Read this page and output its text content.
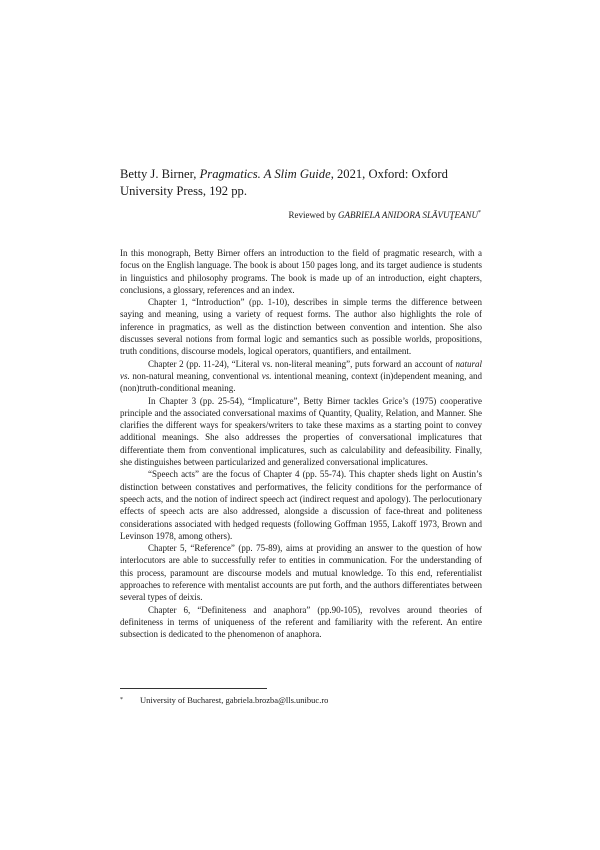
Betty J. Birner, Pragmatics. A Slim Guide, 2021, Oxford: Oxford University Press, 192 pp.
Reviewed by GABRIELA ANIDORA SLĂVUŢEANU*

In this monograph, Betty Birner offers an introduction to the field of pragmatic research, with a focus on the English language. The book is about 150 pages long, and its target audience is students in linguistics and philosophy programs. The book is made up of an introduction, eight chapters, conclusions, a glossary, references and an index.

Chapter 1, “Introduction” (pp. 1-10), describes in simple terms the difference between saying and meaning, using a variety of request forms. The author also highlights the role of inference in pragmatics, as well as the distinction between convention and intention. She also discusses several notions from formal logic and semantics such as possible worlds, propositions, truth conditions, discourse models, logical operators, quantifiers, and entailment.

Chapter 2 (pp. 11-24), “Literal vs. non-literal meaning”, puts forward an account of natural vs. non-natural meaning, conventional vs. intentional meaning, context (in)dependent meaning, and (non)truth-conditional meaning.

In Chapter 3 (pp. 25-54), “Implicature”, Betty Birner tackles Grice’s (1975) cooperative principle and the associated conversational maxims of Quantity, Quality, Relation, and Manner. She clarifies the different ways for speakers/writers to take these maxims as a starting point to convey additional meanings. She also addresses the properties of conversational implicatures that differentiate them from conventional implicatures, such as calculability and defeasibility. Finally, she distinguishes between particularized and generalized conversational implicatures.

“Speech acts” are the focus of Chapter 4 (pp. 55-74). This chapter sheds light on Austin’s distinction between constatives and performatives, the felicity conditions for the performance of speech acts, and the notion of indirect speech act (indirect request and apology). The perlocutionary effects of speech acts are also addressed, alongside a discussion of face-threat and politeness considerations associated with hedged requests (following Goffman 1955, Lakoff 1973, Brown and Levinson 1978, among others).

Chapter 5, “Reference” (pp. 75-89), aims at providing an answer to the question of how interlocutors are able to successfully refer to entities in communication. For the understanding of this process, paramount are discourse models and mutual knowledge. To this end, referentialist approaches to reference with mentalist accounts are put forth, and the authors differentiates between several types of deixis.

Chapter 6, “Definiteness and anaphora” (pp.90-105), revolves around theories of definiteness in terms of uniqueness of the referent and familiarity with the referent. An entire subsection is dedicated to the phenomenon of anaphora.

* University of Bucharest, gabriela.brozba@lls.unibuc.ro
